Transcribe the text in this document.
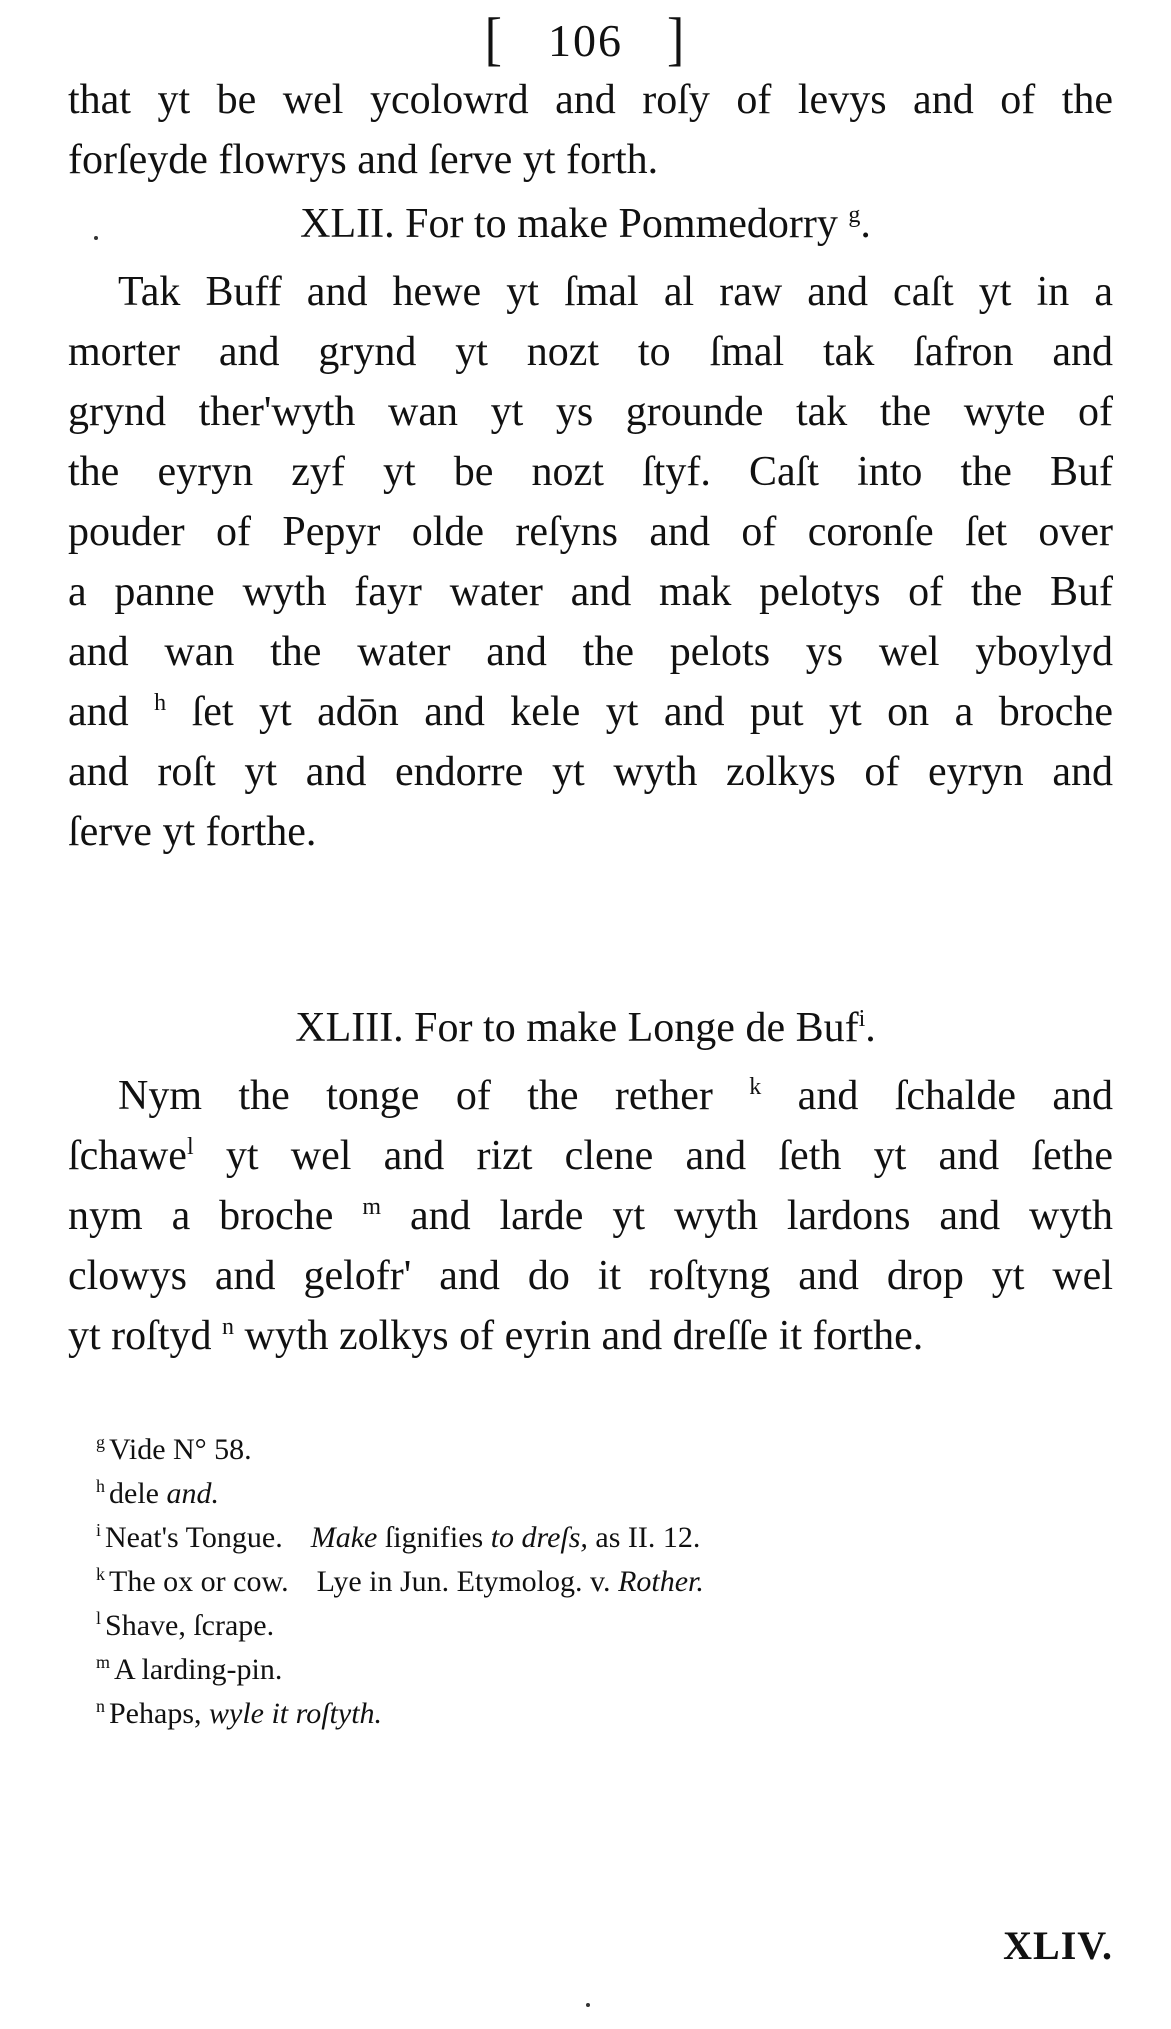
[ 106 ]
that yt be wel ycolowrd and roſy of levys and of the
forſeyde flowrys and ſerve yt forth.
XLII. For to make Pommedorry $^g$.
Tak Buff and hewe yt ſmal al raw and caſt yt in a
morter and grynd yt nozt to ſmal tak ſafron and
grynd ther'wyth wan yt ys grounde tak the wyte of
the eyryn zyf yt be nozt ſtyf. Caſt into the Buf
pouder of Pepyr olde reſyns and of coronſe ſet over
a panne wyth fayr water and mak pelotys of the Buf
and wan the water and the pelots ys wel yboylyd
and $^h$ ſet yt adōn and kele yt and put yt on a broche
and roſt yt and endorre yt wyth zolkys of eyryn and
ſerve yt forthe.
XLIII. For to make Longe de Buf$^i$.
Nym the tonge of the rether $^k$ and ſchalde and
ſchawe$^l$ yt wel and rizt clene and ſeth yt and ſethe
nym a broche $^m$ and larde yt wyth lardons and wyth
clowys and gelofr' and do it roſtyng and drop yt wel
yt roſtyd $^n$ wyth zolkys of eyrin and dreſſe it forthe.
$^g$ Vide N° 58.
$^h$ dele and.
$^i$ Neat's Tongue. Make ſignifies to dreſs, as II. 12.
$^k$ The ox or cow. Lye in Jun. Etymolog. v. Rother.
$^l$ Shave, ſcrape.
$^m$ A larding-pin.
$^n$ Pehaps, wyle it roſtyth.
XLIV.
